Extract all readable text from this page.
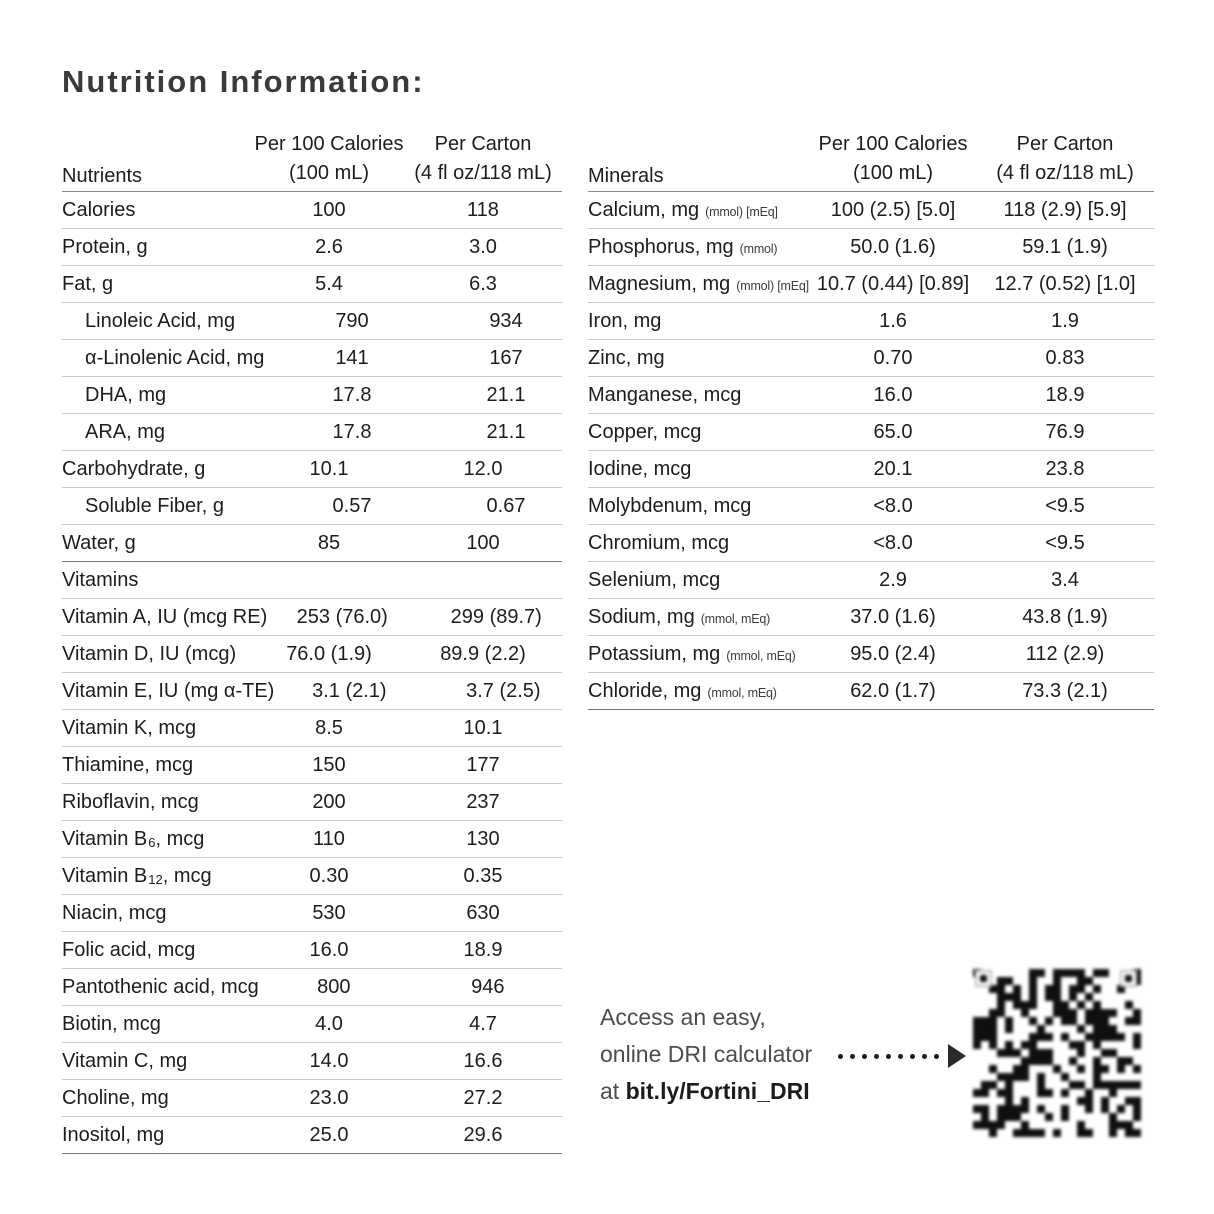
Nutrition Information:
Nutrients
Per 100 Calories
(100 mL)
Per Carton
(4 fl oz/118 mL)
Calories	100	118
Protein, g	2.6	3.0
Fat, g	5.4	6.3
Linoleic Acid, mg	790	934
α-Linolenic Acid, mg	141	167
DHA, mg	17.8	21.1
ARA, mg	17.8	21.1
Carbohydrate, g	10.1	12.0
Soluble Fiber, g	0.57	0.67
Water, g	85	100
Vitamins
Vitamin A, IU (mcg RE)	253 (76.0)	299 (89.7)
Vitamin D, IU (mcg)	76.0 (1.9)	89.9 (2.2)
Vitamin E, IU (mg α-TE)	3.1 (2.1)	3.7 (2.5)
Vitamin K, mcg	8.5	10.1
Thiamine, mcg	150	177
Riboflavin, mcg	200	237
Vitamin B 6 , mcg	110	130
Vitamin B 12 , mcg	0.30	0.35
Niacin, mcg	530	630
Folic acid, mcg	16.0	18.9
Pantothenic acid, mcg	800	946
Biotin, mcg	4.0	4.7
Vitamin C, mg	14.0	16.6
Choline, mg	23.0	27.2
Inositol, mg	25.0	29.6
Minerals
Per 100 Calories
(100 mL)
Per Carton
(4 fl oz/118 mL)
Calcium, mg (mmol) [mEq]	100 (2.5) [5.0]	118 (2.9) [5.9]
Phosphorus, mg (mmol)	50.0 (1.6)	59.1 (1.9)
Magnesium, mg (mmol) [mEq] 10.7 (0.44) [0.89]	12.7 (0.52) [1.0]
Iron, mg	1.6	1.9
Zinc, mg	0.70	0.83
Manganese, mcg	16.0	18.9
Copper, mcg	65.0	76.9
Iodine, mcg	20.1	23.8
Molybdenum, mcg	<8.0	<9.5
Chromium, mcg	<8.0	<9.5
Selenium, mcg	2.9	3.4
Sodium, mg (mmol, mEq)	37.0 (1.6)	43.8 (1.9)
Potassium, mg (mmol, mEq)	95.0 (2.4)	112 (2.9)
Chloride, mg (mmol, mEq)	62.0 (1.7)	73.3 (2.1)
Access an easy,
online DRI calculator
at bit.ly/Fortini_DRI
